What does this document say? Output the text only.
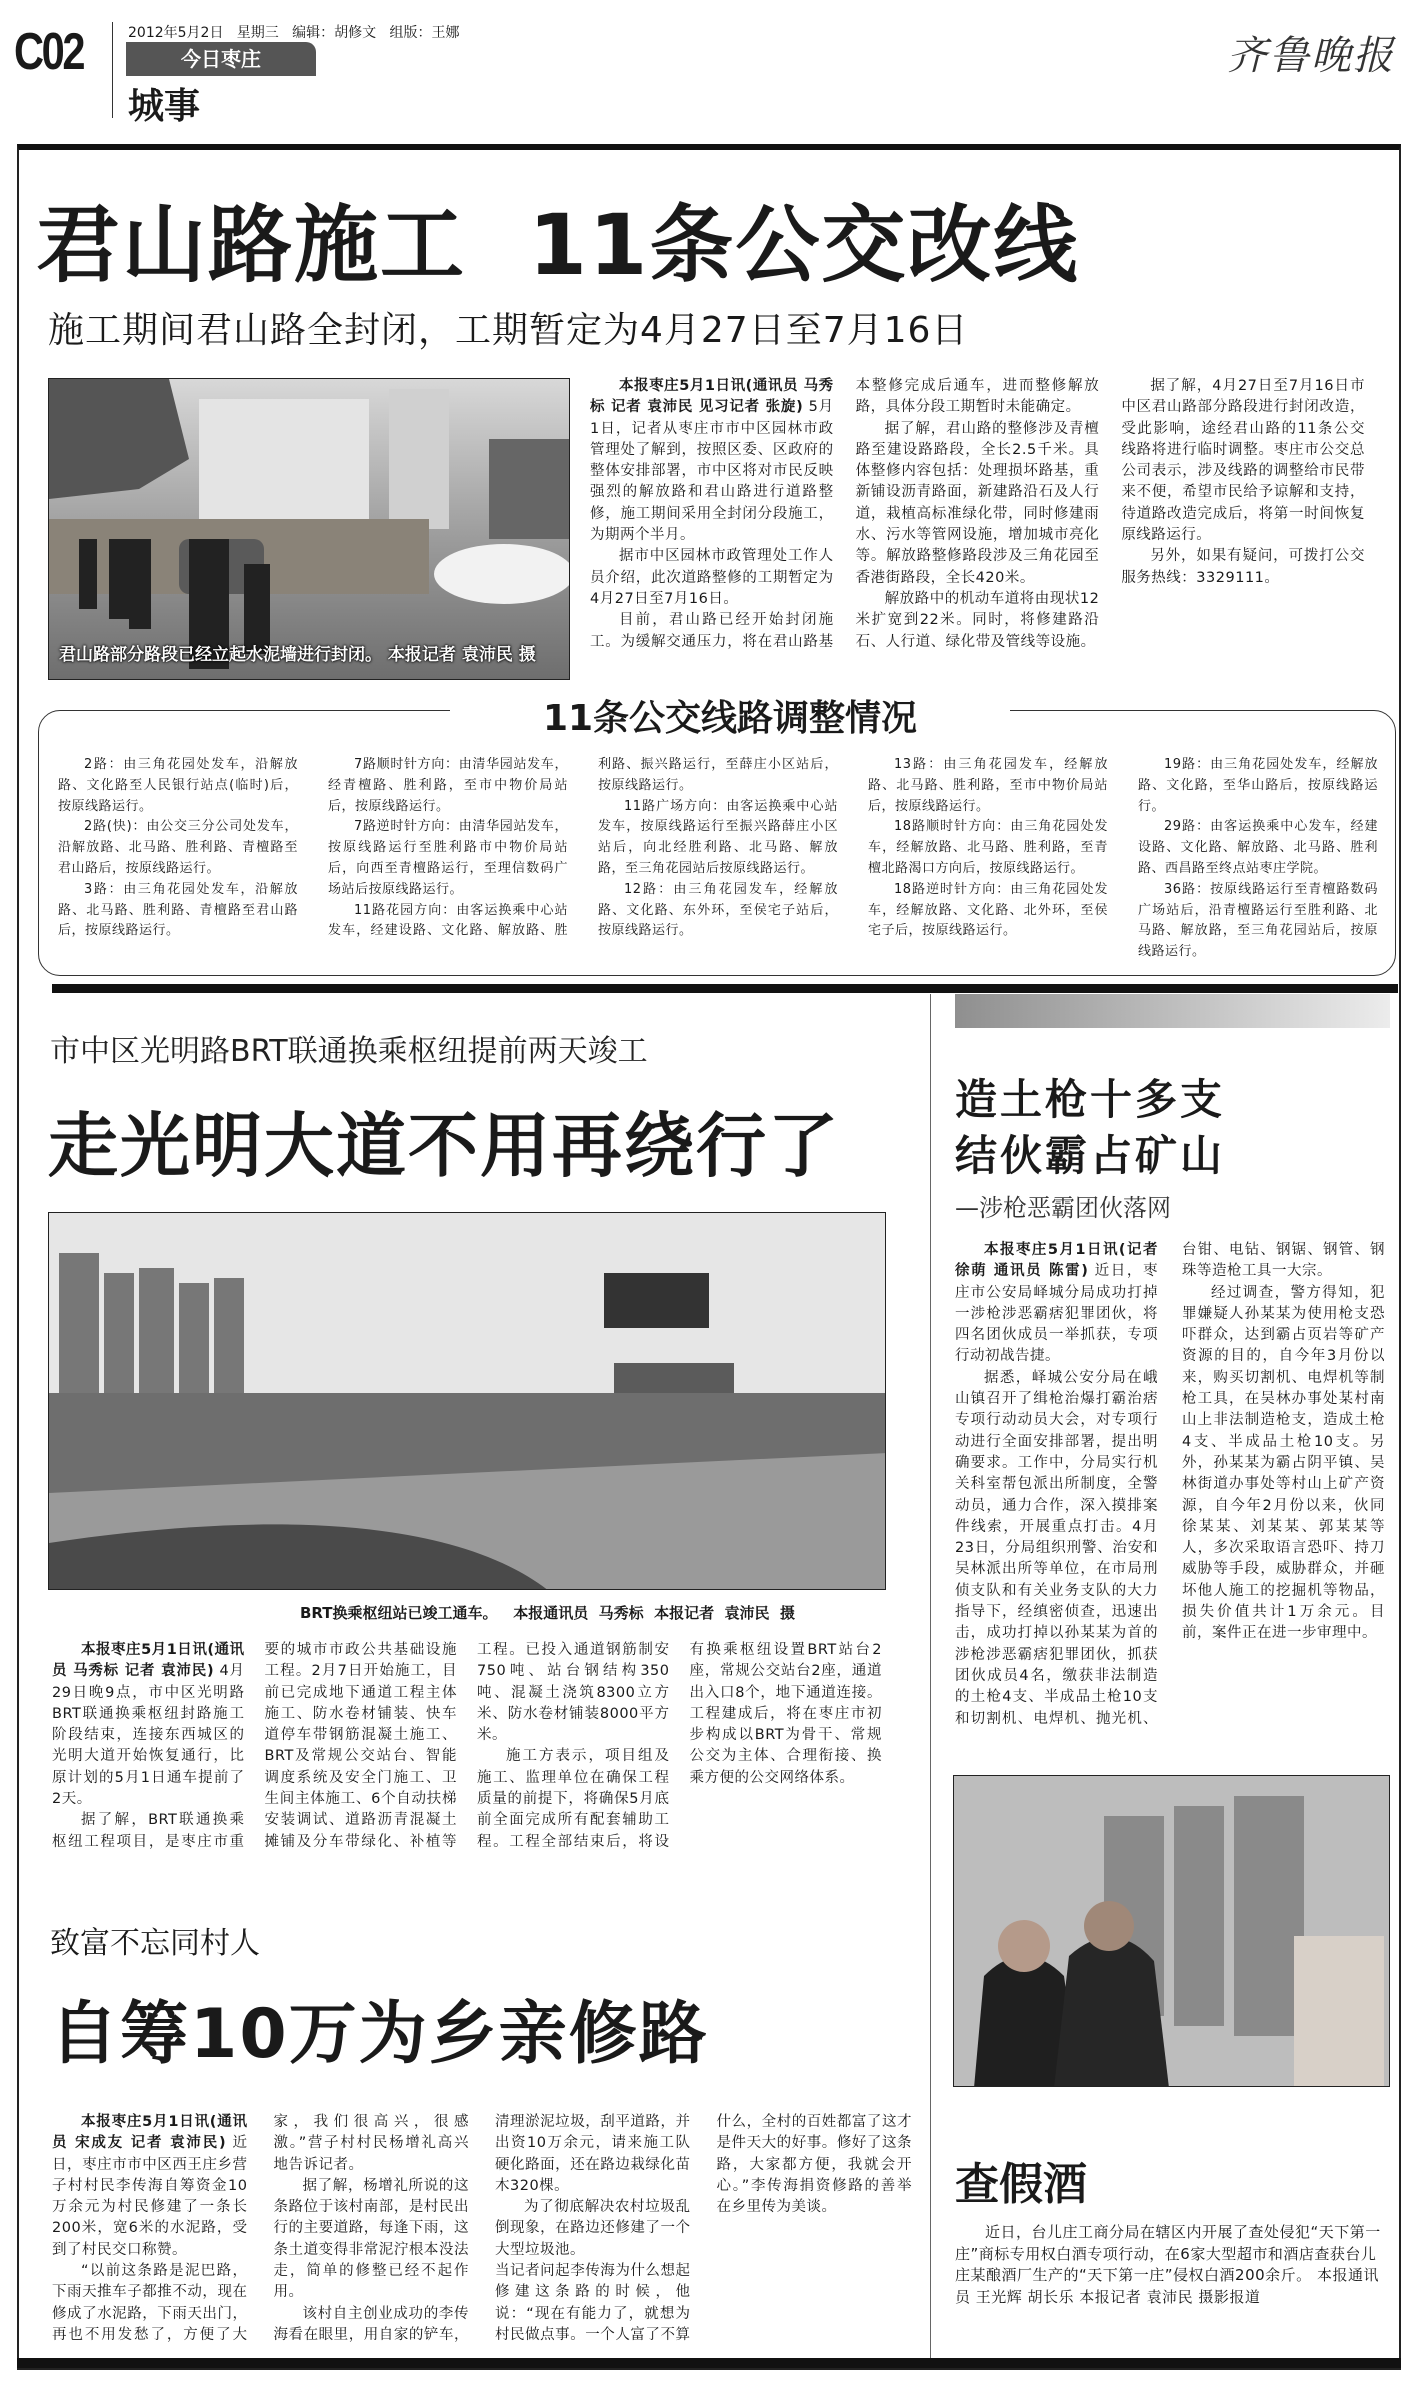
C02	2012年5月2日   星期三   编辑：胡修文   组版：王娜
今日枣庄
城事
齐鲁晚报
君山路施工  11条公交改线
施工期间君山路全封闭，工期暂定为4月27日至7月16日
君山路部分路段已经立起水泥墙进行封闭。 本报记者 袁沛民 摄

本报枣庄5月1日讯(通讯员 马秀标 记者 袁沛民 见习记者 张旋) 5月1日，记者从枣庄市市中区园林市政管理处了解到，按照区委、区政府的整体安排部署，市中区将对市民反映强烈的解放路和君山路进行道路整修，施工期间采用全封闭分段施工，为期两个半月。

据市中区园林市政管理处工作人员介绍，此次道路整修的工期暂定为4月27日至7月16日。

目前，君山路已经开始封闭施工。为缓解交通压力，将在君山路基本整修完成后通车，进而整修解放路，具体分段工期暂时未能确定。

据了解，君山路的整修涉及青檀路至建设路路段，全长2.5千米。具体整修内容包括：处理损坏路基，重新铺设沥青路面，新建路沿石及人行道，栽植高标准绿化带，同时修建雨水、污水等管网设施，增加城市亮化等。解放路整修路段涉及三角花园至香港街路段，全长420米。

解放路中的机动车道将由现状12米扩宽到22米。同时，将修建路沿石、人行道、绿化带及管线等设施。

据了解，4月27日至7月16日市中区君山路部分路段进行封闭改造，受此影响，途经君山路的11条公交线路将进行临时调整。枣庄市公交总公司表示，涉及线路的调整给市民带来不便，希望市民给予谅解和支持，待道路改造完成后，将第一时间恢复原线路运行。

另外，如果有疑问，可拨打公交服务热线：3329111。

11条公交线路调整情况

2路：由三角花园处发车，沿解放路、文化路至人民银行站点(临时)后，按原线路运行。

2路(快)：由公交三分公司处发车，沿解放路、北马路、胜利路、青檀路至君山路后，按原线路运行。

3路：由三角花园处发车，沿解放路、北马路、胜利路、青檀路至君山路后，按原线路运行。

7路顺时针方向：由清华园站发车，经青檀路、胜利路，至市中物价局站后，按原线路运行。

7路逆时针方向：由清华园站发车，按原线路运行至胜利路市中物价局站后，向西至青檀路运行，至理信数码广场站后按原线路运行。

11路花园方向：由客运换乘中心站发车，经建设路、文化路、解放路、胜利路、振兴路运行，至薛庄小区站后，按原线路运行。

11路广场方向：由客运换乘中心站发车，按原线路运行至振兴路薛庄小区站后，向北经胜利路、北马路、解放路，至三角花园站后按原线路运行。

12路：由三角花园发车，经解放路、文化路、东外环，至侯宅子站后，按原线路运行。

13路：由三角花园发车，经解放路、北马路、胜利路，至市中物价局站后，按原线路运行。

18路顺时针方向：由三角花园处发车，经解放路、北马路、胜利路，至青檀北路渴口方向后，按原线路运行。

18路逆时针方向：由三角花园处发车，经解放路、文化路、北外环，至侯宅子后，按原线路运行。

19路：由三角花园处发车，经解放路、文化路，至华山路后，按原线路运行。

29路：由客运换乘中心发车，经建设路、文化路、解放路、北马路、胜利路、西昌路至终点站枣庄学院。

36路：按原线路运行至青檀路数码广场站后，沿青檀路运行至胜利路、北马路、解放路，至三角花园站后，按原线路运行。

市中区光明路BRT联通换乘枢纽提前两天竣工
走光明大道不用再绕行了
BRT换乘枢纽站已竣工通车。   本报通讯员  马秀标  本报记者  袁沛民  摄

本报枣庄5月1日讯(通讯员 马秀标 记者 袁沛民) 4月29日晚9点，市中区光明路BRT联通换乘枢纽封路施工阶段结束，连接东西城区的光明大道开始恢复通行，比原计划的5月1日通车提前了2天。

据了解，BRT联通换乘枢纽工程项目，是枣庄市重要的城市市政公共基础设施工程。2月7日开始施工，目前已完成地下通道工程主体施工、防水卷材铺装、快车道停车带钢筋混凝土施工、BRT及常规公交站台、智能调度系统及安全门施工、卫生间主体施工、6个自动扶梯安装调试、道路沥青混凝土摊铺及分车带绿化、补植等工程。已投入通道钢筋制安750吨、站台钢结构350吨、混凝土浇筑8300立方米、防水卷材铺装8000平方米。

施工方表示，项目组及施工、监理单位在确保工程质量的前提下，将确保5月底前全面完成所有配套辅助工程。工程全部结束后，将设有换乘枢纽设置BRT站台2座，常规公交站台2座，通道出入口8个，地下通道连接。工程建成后，将在枣庄市初步构成以BRT为骨干、常规公交为主体、合理衔接、换乘方便的公交网络体系。

造土枪十多支
结伙霸占矿山
—涉枪恶霸团伙落网

本报枣庄5月1日讯(记者 徐萌 通讯员 陈雷) 近日，枣庄市公安局峄城分局成功打掉一涉枪涉恶霸痞犯罪团伙，将四名团伙成员一举抓获，专项行动初战告捷。

据悉，峄城公安分局在峨山镇召开了缉枪治爆打霸治痞专项行动动员大会，对专项行动进行全面安排部署，提出明确要求。工作中，分局实行机关科室帮包派出所制度，全警动员，通力合作，深入摸排案件线索，开展重点打击。4月23日，分局组织刑警、治安和吴林派出所等单位，在市局刑侦支队和有关业务支队的大力指导下，经缜密侦查，迅速出击，成功打掉以孙某某为首的涉枪涉恶霸痞犯罪团伙，抓获团伙成员4名，缴获非法制造的土枪4支、半成品土枪10支和切割机、电焊机、抛光机、台钳、电钻、钢锯、钢管、钢珠等造枪工具一大宗。

经过调查，警方得知，犯罪嫌疑人孙某某为使用枪支恐吓群众，达到霸占页岩等矿产资源的目的，自今年3月份以来，购买切割机、电焊机等制枪工具，在吴林办事处某村南山上非法制造枪支，造成土枪4支、半成品土枪10支。另外，孙某某为霸占阴平镇、吴林街道办事处等村山上矿产资源，自今年2月份以来，伙同徐某某、刘某某、郭某某等人，多次采取语言恐吓、持刀威胁等手段，威胁群众，并砸坏他人施工的挖掘机等物品，损失价值共计1万余元。目前，案件正在进一步审理中。

查假酒
近日，台儿庄工商分局在辖区内开展了查处侵犯“天下第一庄”商标专用权白酒专项行动，在6家大型超市和酒店查获台儿庄某酿酒厂生产的“天下第一庄”侵权白酒200余斤。 本报通讯员 王光辉 胡长乐 本报记者 袁沛民 摄影报道
致富不忘同村人
自筹10万为乡亲修路

本报枣庄5月1日讯(通讯员 宋成友 记者 袁沛民) 近日，枣庄市市中区西王庄乡营子村村民李传海自筹资金10万余元为村民修建了一条长200米，宽6米的水泥路，受到了村民交口称赞。

“以前这条路是泥巴路，下雨天推车子都推不动，现在修成了水泥路，下雨天出门，再也不用发愁了，方便了大家，我们很高兴，很感激。”营子村村民杨增礼高兴地告诉记者。

据了解，杨增礼所说的这条路位于该村南部，是村民出行的主要道路，每逢下雨，这条土道变得非常泥泞根本没法走，简单的修整已经不起作用。

该村自主创业成功的李传海看在眼里，用自家的铲车，清理淤泥垃圾，刮平道路，并出资10万余元，请来施工队硬化路面，还在路边栽绿化苗木320棵。

为了彻底解决农村垃圾乱倒现象，在路边还修建了一个大型垃圾池。

当记者问起李传海为什么想起修建这条路的时候，他说：“现在有能力了，就想为村民做点事。一个人富了不算什么，全村的百姓都富了这才是件天大的好事。修好了这条路，大家都方便，我就会开心。”李传海捐资修路的善举在乡里传为美谈。
